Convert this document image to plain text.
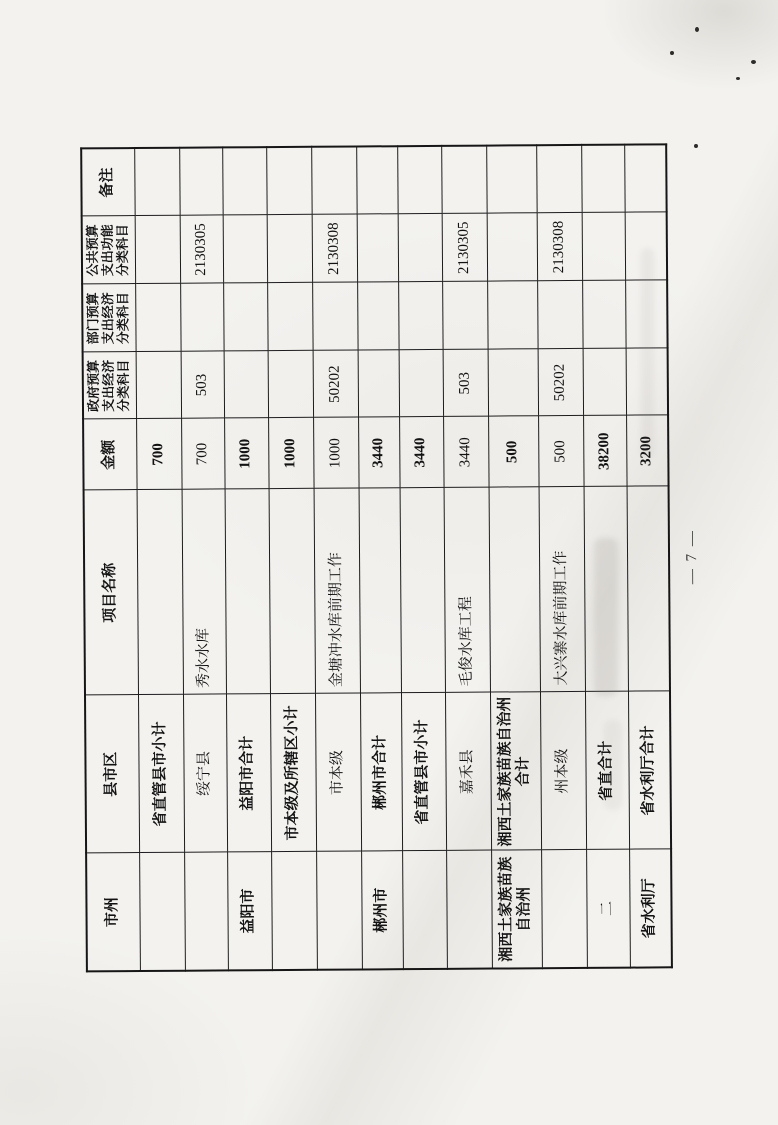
市州	县市区	项目名称	金额	政府预算
支出经济
分类科目	部门预算
支出经济
分类科目	公共预算
支出功能
分类科目	备注
	省直管县市小计		700				
	绥宁县	秀水水库	700	503		2130305	
益阳市	益阳市合计		1000				
	市本级及所辖区小计		1000				
	市本级	金塘冲水库前期工作	1000	50202		2130308	
郴州市	郴州市合计		3440				
	省直管县市小计		3440				
	嘉禾县	毛俊水库工程	3440	503		2130305	
湘西土家族苗族自治州	湘西土家族苗族自治州合计		500				
	州本级	大兴寨水库前期工作	500	50202		2130308	
二	省直合计		38200				
省水利厅	省水利厅合计		3200				
— 7 —
